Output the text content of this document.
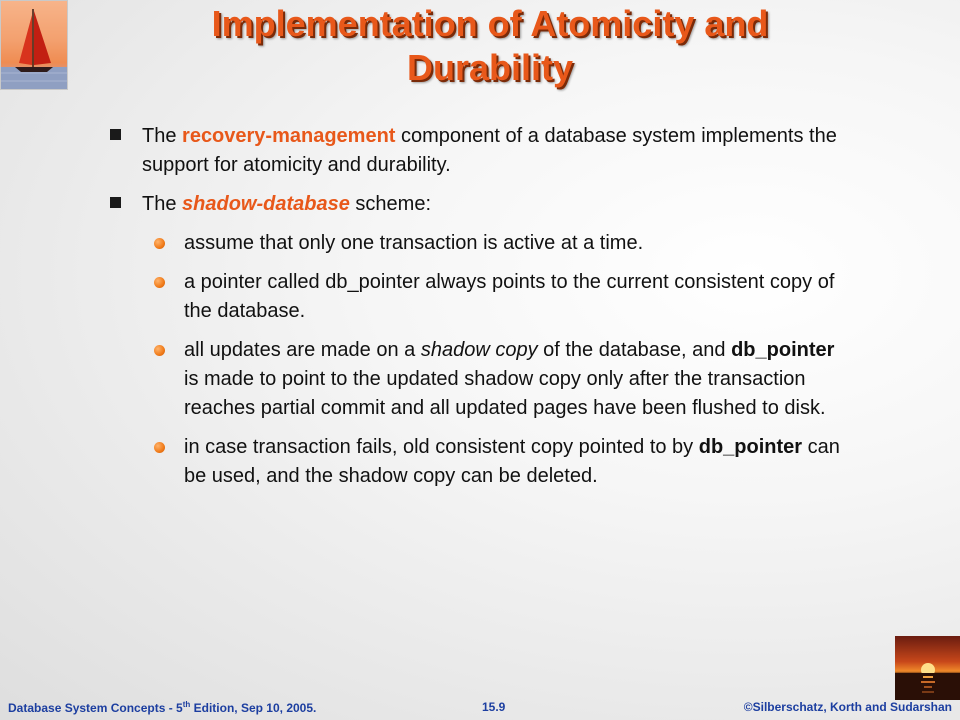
Implementation of Atomicity and
Durability
The recovery-management component of a database system implements the support for atomicity and durability.
The shadow-database scheme:
assume that only one transaction is active at a time.
a pointer called db_pointer always points to the current consistent copy of the database.
all updates are made on a shadow copy of the database, and db_pointer is made to point to the updated shadow copy only after the transaction reaches partial commit and all updated pages have been flushed to disk.
in case transaction fails, old consistent copy pointed to by db_pointer can be used, and the shadow copy can be deleted.
Database System Concepts - 5th Edition, Sep 10, 2005.	15.9	©Silberschatz, Korth and Sudarshan
